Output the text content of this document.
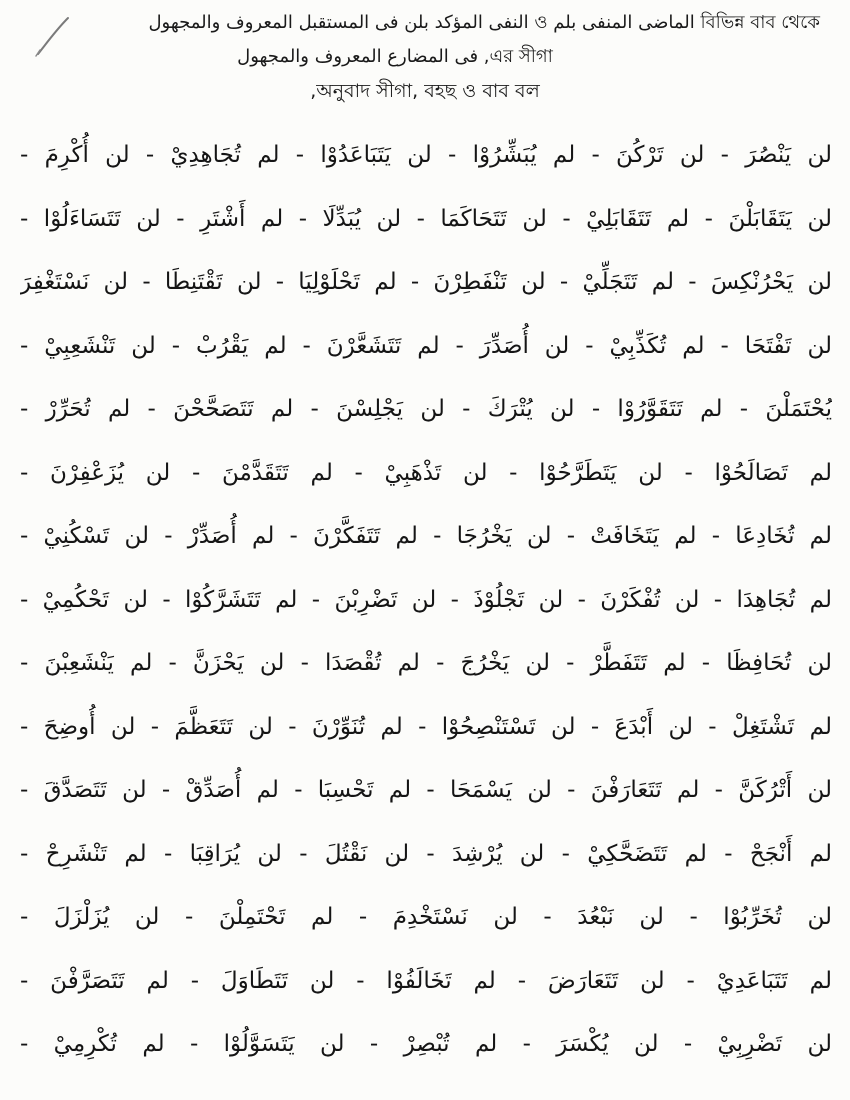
বিভিন্ন বাব থেকে الماضى المنفى بلم ও النفى المؤكد بلن فى المستقبل المعروف والمجهول
এর সীগা, فى المضارع المعروف والمجهول
অনুবাদ সীগা, বহছ ও বাব বল,
لن يَنْصُرَ - لن تَرْكُنَ - لم يُبَشِّرُوْا - لن يَتَبَاعَدُوْا - لم تُجَاهِدِيْ - لن أُكْرِمَ -
لن يَتَقَابَلْنَ - لم تَتَقَابَلِيْ - لن تَتَحَاكَمَا - لن يُبَدِّلَا - لم أَشْتَرِ - لن تَتَسَاءَلُوْا -
لن يَحْرُنْكِسَ - لم تَتَجَلِّيْ - لن تَنْفَطِرْنَ - لم تَحْلَوْلِيَا - لن تَقْتَنِطَا - لن نَسْتَغْفِرَ
لن تَفْتَحَا - لم تُكَذِّبِيْ - لن أُصَدِّرَ - لم تَتَشَعَّرْنَ - لم يَقْرُبْ - لن تَنْشَعِبِيْ -
يُحْتَمَلْنَ - لم تَتَقَوَّرُوْا - لن يُتْرَكَ - لن يَجْلِسْنَ - لم تَتَصَحَّحْنَ - لم تُحَرِّرْ -
لم تَصَالَحُوْا - لن يَتَطَرَّحُوْا - لن تَذْهَبِيْ - لم تَتَقَدَّمْنَ - لن يُزَعْفِرْنَ -
لم تُخَادِعَا - لم يَتَخَافَتْ - لن يَخْرُجَا - لم تَتَفَكَّرْنَ - لم أُصَدِّرْ - لن تَسْكُنِيْ -
لم تُجَاهِدَا - لن تُفْكَرْنَ - لن تَجْلُوْذَ - لن تَضْرِبْنَ - لم تَتَشَرَّكُوْا - لن تَحْكُمِيْ -
لن تُحَافِظَا - لم تَتَفَطَّرْ - لن يَخْرُجَ - لم تُقْصَدَا - لن يَحْزَنَّ - لم يَنْشَعِبْنَ -
لم تَشْتَغِلْ - لن أَبْدَعَ - لن تَسْتَنْصِحُوْا - لم تُنَوِّرْنَ - لن تَتَعَظَّمَ - لن أُوضِحَ -
لن أَتْرُكَنَّ - لم تَتَعَارَفْنَ - لن يَسْمَحَا - لم تَحْسِبَا - لم أُصَدِّقْ - لن تَتَصَدَّقَ -
لم أَنْجَحْ - لم تَتَضَحَّكِيْ - لن يُرْشِدَ - لن نَقْتُلَ - لن يُرَاقِبَا - لم تَنْشَرِحْ -
لن تُخَرِّبُوْا - لن نَبْعُدَ - لن نَسْتَخْدِمَ - لم تَحْتَمِلْنَ - لن يُزَلْزَلَ -
لم تَتَبَاعَدِيْ - لن تَتَعَارَضَ - لم تَخَالَفُوْا - لن تَتَطَاوَلَ - لم تَتَصَرَّفْنَ -
لن تَضْرِبِيْ - لن يُكْسَرَ - لم تُبْصِرْ - لن يَتَسَوَّلُوْا - لم تُكْرِمِيْ -
